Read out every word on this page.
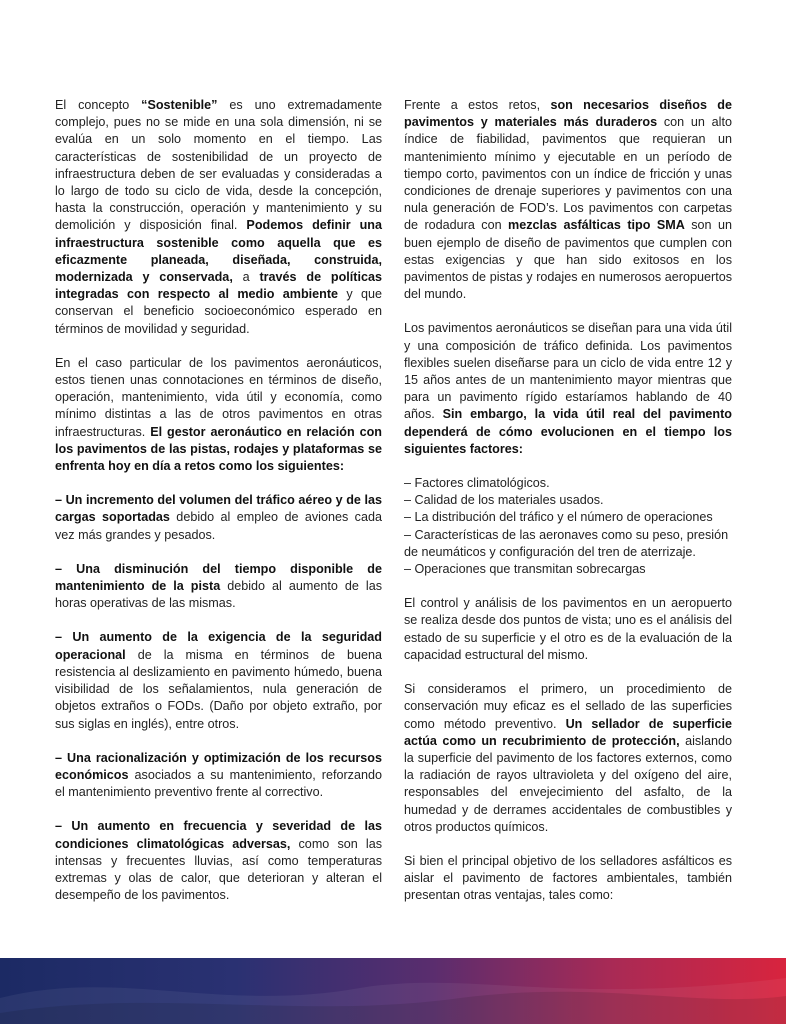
El concepto “Sostenible” es uno extremadamente complejo, pues no se mide en una sola dimensión, ni se evalúa en un solo momento en el tiempo. Las características de sostenibilidad de un proyecto de infraestructura deben de ser evaluadas y consideradas a lo largo de todo su ciclo de vida, desde la concepción, hasta la construcción, operación y mantenimiento y su demolición y disposición final. Podemos definir una infraestructura sostenible como aquella que es eficazmente planeada, diseñada, construida, modernizada y conservada, a través de políticas integradas con respecto al medio ambiente y que conservan el beneficio socioeconómico esperado en términos de movilidad y seguridad.

En el caso particular de los pavimentos aeronáuticos, estos tienen unas connotaciones en términos de diseño, operación, mantenimiento, vida útil y economía, como mínimo distintas a las de otros pavimentos en otras infraestructuras. El gestor aeronáutico en relación con los pavimentos de las pistas, rodajes y plataformas se enfrenta hoy en día a retos como los siguientes:

– Un incremento del volumen del tráfico aéreo y de las cargas soportadas debido al empleo de aviones cada vez más grandes y pesados.

– Una disminución del tiempo disponible de mantenimiento de la pista debido al aumento de las horas operativas de las mismas.

– Un aumento de la exigencia de la seguridad operacional de la misma en términos de buena resistencia al deslizamiento en pavimento húmedo, buena visibilidad de los señalamientos, nula generación de objetos extraños o FODs. (Daño por objeto extraño, por sus siglas en inglés), entre otros.

– Una racionalización y optimización de los recursos económicos asociados a su mantenimiento, reforzando el mantenimiento preventivo frente al correctivo.

– Un aumento en frecuencia y severidad de las condiciones climatológicas adversas, como son las intensas y frecuentes lluvias, así como temperaturas extremas y olas de calor, que deterioran y alteran el desempeño de los pavimentos.

Frente a estos retos, son necesarios diseños de pavimentos y materiales más duraderos con un alto índice de fiabilidad, pavimentos que requieran un mantenimiento mínimo y ejecutable en un período de tiempo corto, pavimentos con un índice de fricción y unas condiciones de drenaje superiores y pavimentos con una nula generación de FOD’s. Los pavimentos con carpetas de rodadura con mezclas asfálticas tipo SMA son un buen ejemplo de diseño de pavimentos que cumplen con estas exigencias y que han sido exitosos en los pavimentos de pistas y rodajes en numerosos aeropuertos del mundo.

Los pavimentos aeronáuticos se diseñan para una vida útil y una composición de tráfico definida. Los pavimentos flexibles suelen diseñarse para un ciclo de vida entre 12 y 15 años antes de un mantenimiento mayor mientras que para un pavimento rígido estaríamos hablando de 40 años. Sin embargo, la vida útil real del pavimento dependerá de cómo evolucionen en el tiempo los siguientes factores:

– Factores climatológicos.
– Calidad de los materiales usados.
– La distribución del tráfico y el número de operaciones
– Características de las aeronaves como su peso, presión de neumáticos y configuración del tren de aterrizaje.
– Operaciones que transmitan sobrecargas

El control y análisis de los pavimentos en un aeropuerto se realiza desde dos puntos de vista; uno es el análisis del estado de su superficie y el otro es de la evaluación de la capacidad estructural del mismo.

Si consideramos el primero, un procedimiento de conservación muy eficaz es el sellado de las superficies como método preventivo. Un sellador de superficie actúa como un recubrimiento de protección, aislando la superficie del pavimento de los factores externos, como la radiación de rayos ultravioleta y del oxígeno del aire, responsables del envejecimiento del asfalto, de la humedad y de derrames accidentales de combustibles y otros productos químicos.

Si bien el principal objetivo de los selladores asfálticos es aislar el pavimento de factores ambientales, también presentan otras ventajas, tales como:
